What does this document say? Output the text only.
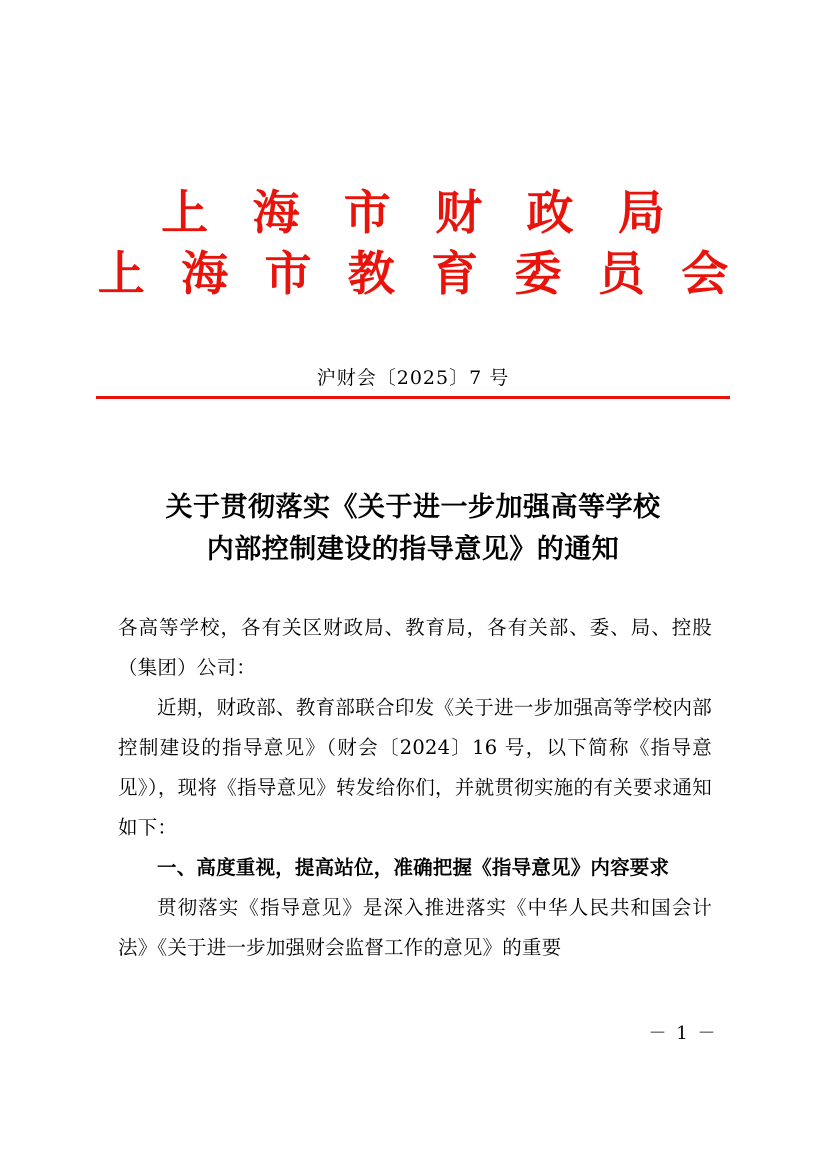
上 海 市 财 政 局
上 海 市 教 育 委 员 会
沪财会〔2025〕7 号
关于贯彻落实《关于进一步加强高等学校
内部控制建设的指导意见》的通知

各高等学校，各有关区财政局、教育局，各有关部、委、局、控股（集团）公司：

近期，财政部、教育部联合印发《关于进一步加强高等学校内部控制建设的指导意见》（财会〔2024〕16 号，以下简称《指导意见》），现将《指导意见》转发给你们，并就贯彻实施的有关要求通知如下：

一、高度重视，提高站位，准确把握《指导意见》内容要求

贯彻落实《指导意见》是深入推进落实《中华人民共和国会计法》《关于进一步加强财会监督工作的意见》的重要

－ 1 －
